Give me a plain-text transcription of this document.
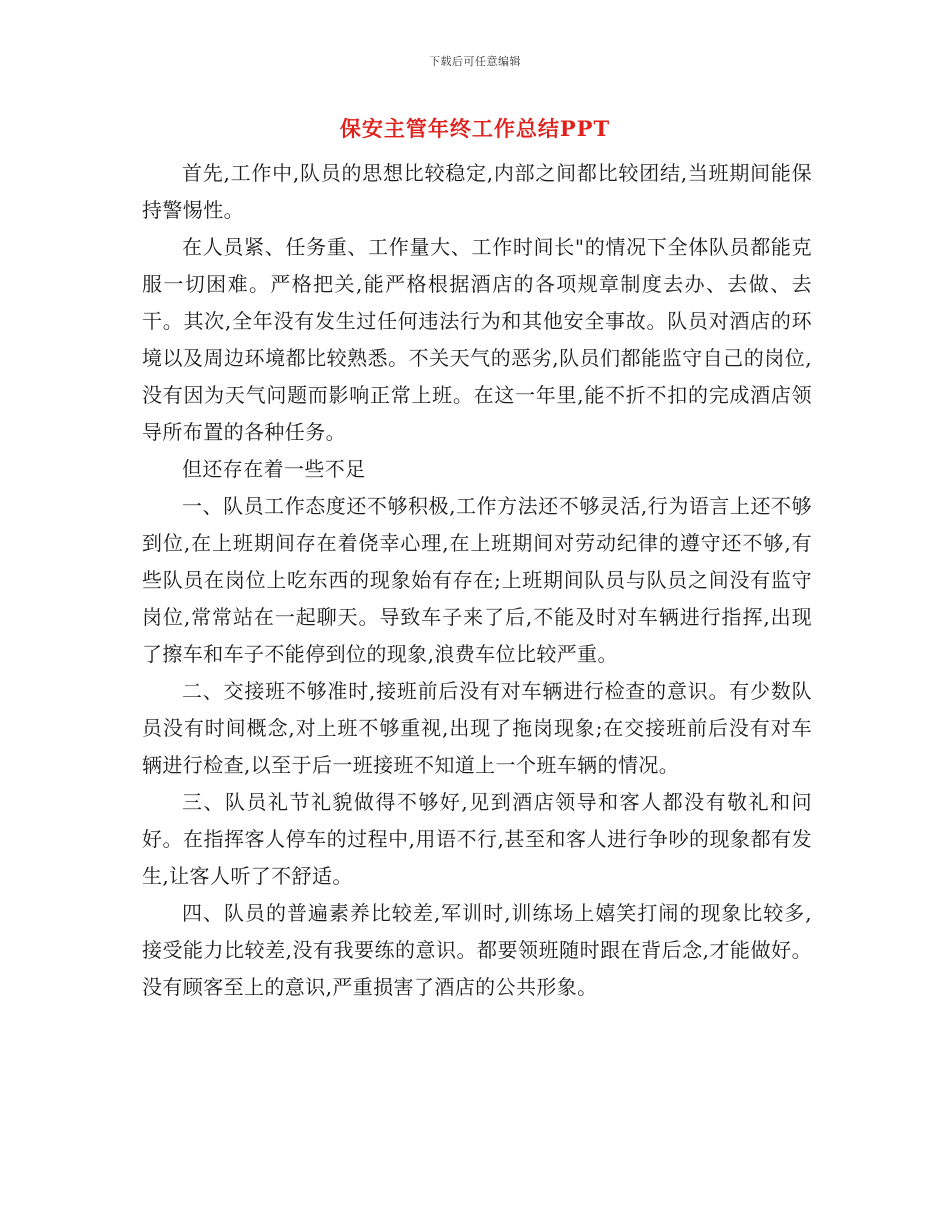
下载后可任意编辑
保安主管年终工作总结PPT

首先,工作中,队员的思想比较稳定,内部之间都比较团结,当班期间能保持警惕性。

在人员紧、任务重、工作量大、工作时间长"的情况下全体队员都能克服一切困难。严格把关,能严格根据酒店的各项规章制度去办、去做、去干。其次,全年没有发生过任何违法行为和其他安全事故。队员对酒店的环境以及周边环境都比较熟悉。不关天气的恶劣,队员们都能监守自己的岗位,没有因为天气问题而影响正常上班。在这一年里,能不折不扣的完成酒店领导所布置的各种任务。

但还存在着一些不足

一、队员工作态度还不够积极,工作方法还不够灵活,行为语言上还不够到位,在上班期间存在着侥幸心理,在上班期间对劳动纪律的遵守还不够,有些队员在岗位上吃东西的现象始有存在;上班期间队员与队员之间没有监守岗位,常常站在一起聊天。导致车子来了后,不能及时对车辆进行指挥,出现了擦车和车子不能停到位的现象,浪费车位比较严重。

二、交接班不够准时,接班前后没有对车辆进行检查的意识。有少数队员没有时间概念,对上班不够重视,出现了拖岗现象;在交接班前后没有对车辆进行检查,以至于后一班接班不知道上一个班车辆的情况。

三、队员礼节礼貌做得不够好,见到酒店领导和客人都没有敬礼和问好。在指挥客人停车的过程中,用语不行,甚至和客人进行争吵的现象都有发生,让客人听了不舒适。

四、队员的普遍素养比较差,军训时,训练场上嬉笑打闹的现象比较多,接受能力比较差,没有我要练的意识。都要领班随时跟在背后念,才能做好。没有顾客至上的意识,严重损害了酒店的公共形象。
